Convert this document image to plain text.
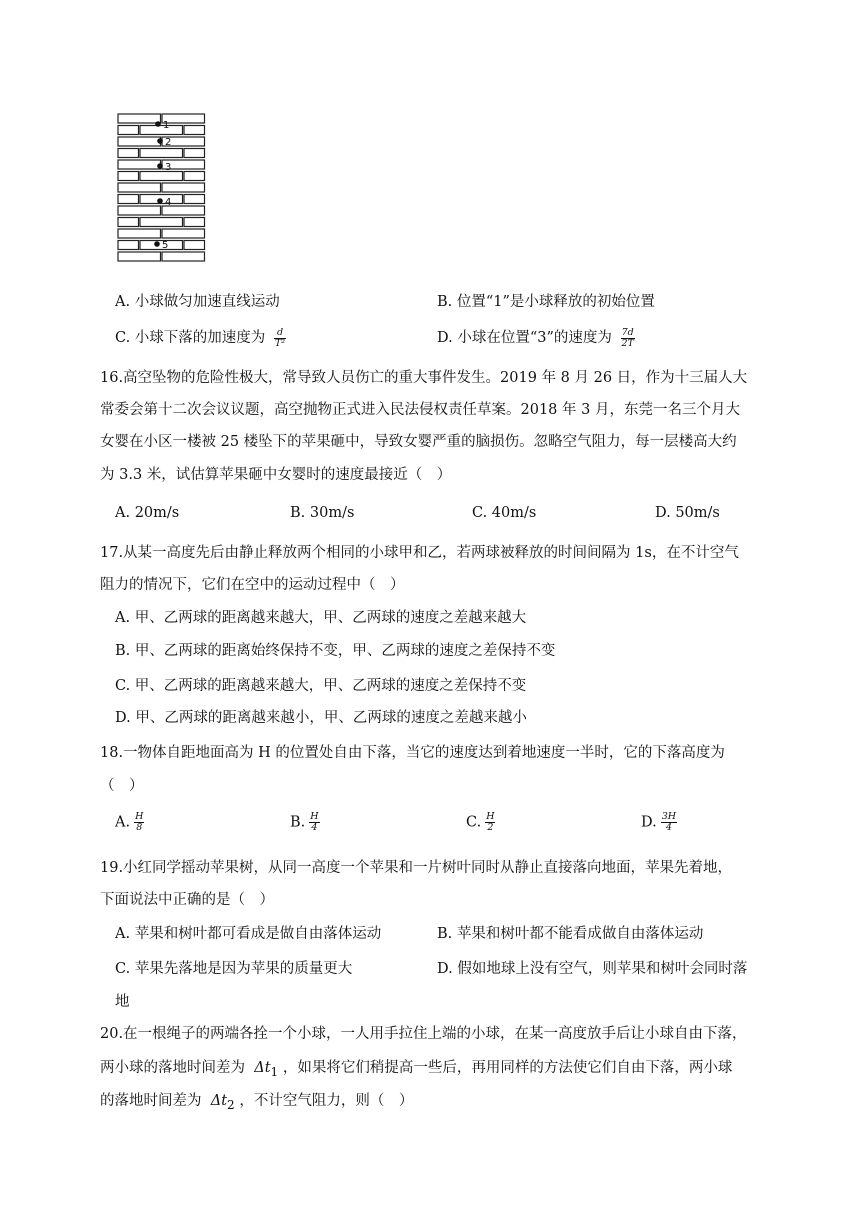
1
2
3
4
5
A. 小球做匀加速直线运动	B. 位置“1”是小球释放的初始位置
C. 小球下落的加速度为 $\frac{d}{\text{T²}}$	D. 小球在位置“3”的速度为 $\frac{7d}{2T}$
16.高空坠物的危险性极大，常导致人员伤亡的重大事件发生。2019 年 8 月 26 日，作为十三届人大
常委会第十二次会议议题，高空抛物正式进入民法侵权责任草案。2018 年 3 月，东莞一名三个月大
女婴在小区一楼被 25 楼坠下的苹果砸中，导致女婴严重的脑损伤。忽略空气阻力，每一层楼高大约
为 3.3 米，试估算苹果砸中女婴时的速度最接近（　）
A. 20m/s	B. 30m/s	C. 40m/s	D. 50m/s
17.从某一高度先后由静止释放两个相同的小球甲和乙，若两球被释放的时间间隔为 1s，在不计空气
阻力的情况下，它们在空中的运动过程中（　）
A. 甲、乙两球的距离越来越大，甲、乙两球的速度之差越来越大
B. 甲、乙两球的距离始终保持不变，甲、乙两球的速度之差保持不变
C. 甲、乙两球的距离越来越大，甲、乙两球的速度之差保持不变
D. 甲、乙两球的距离越来越小，甲、乙两球的速度之差越来越小
18.一物体自距地面高为 H 的位置处自由下落，当它的速度达到着地速度一半时，它的下落高度为
（　）
A. $\frac{H}{8}$	B. $\frac{H}{4}$	C. $\frac{H}{2}$	D. $\frac{3H}{4}$
19.小红同学摇动苹果树，从同一高度一个苹果和一片树叶同时从静止直接落向地面，苹果先着地，
下面说法中正确的是（　）
A. 苹果和树叶都可看成是做自由落体运动	B. 苹果和树叶都不能看成做自由落体运动
C. 苹果先落地是因为苹果的质量更大	D. 假如地球上没有空气，则苹果和树叶会同时落
地
20.在一根绳子的两端各拴一个小球，一人用手拉住上端的小球，在某一高度放手后让小球自由下落，
两小球的落地时间差为 $\Delta t_1$ ，如果将它们稍提高一些后，再用同样的方法使它们自由下落，两小球
的落地时间差为 $\Delta t_2$ ，不计空气阻力，则（　）
